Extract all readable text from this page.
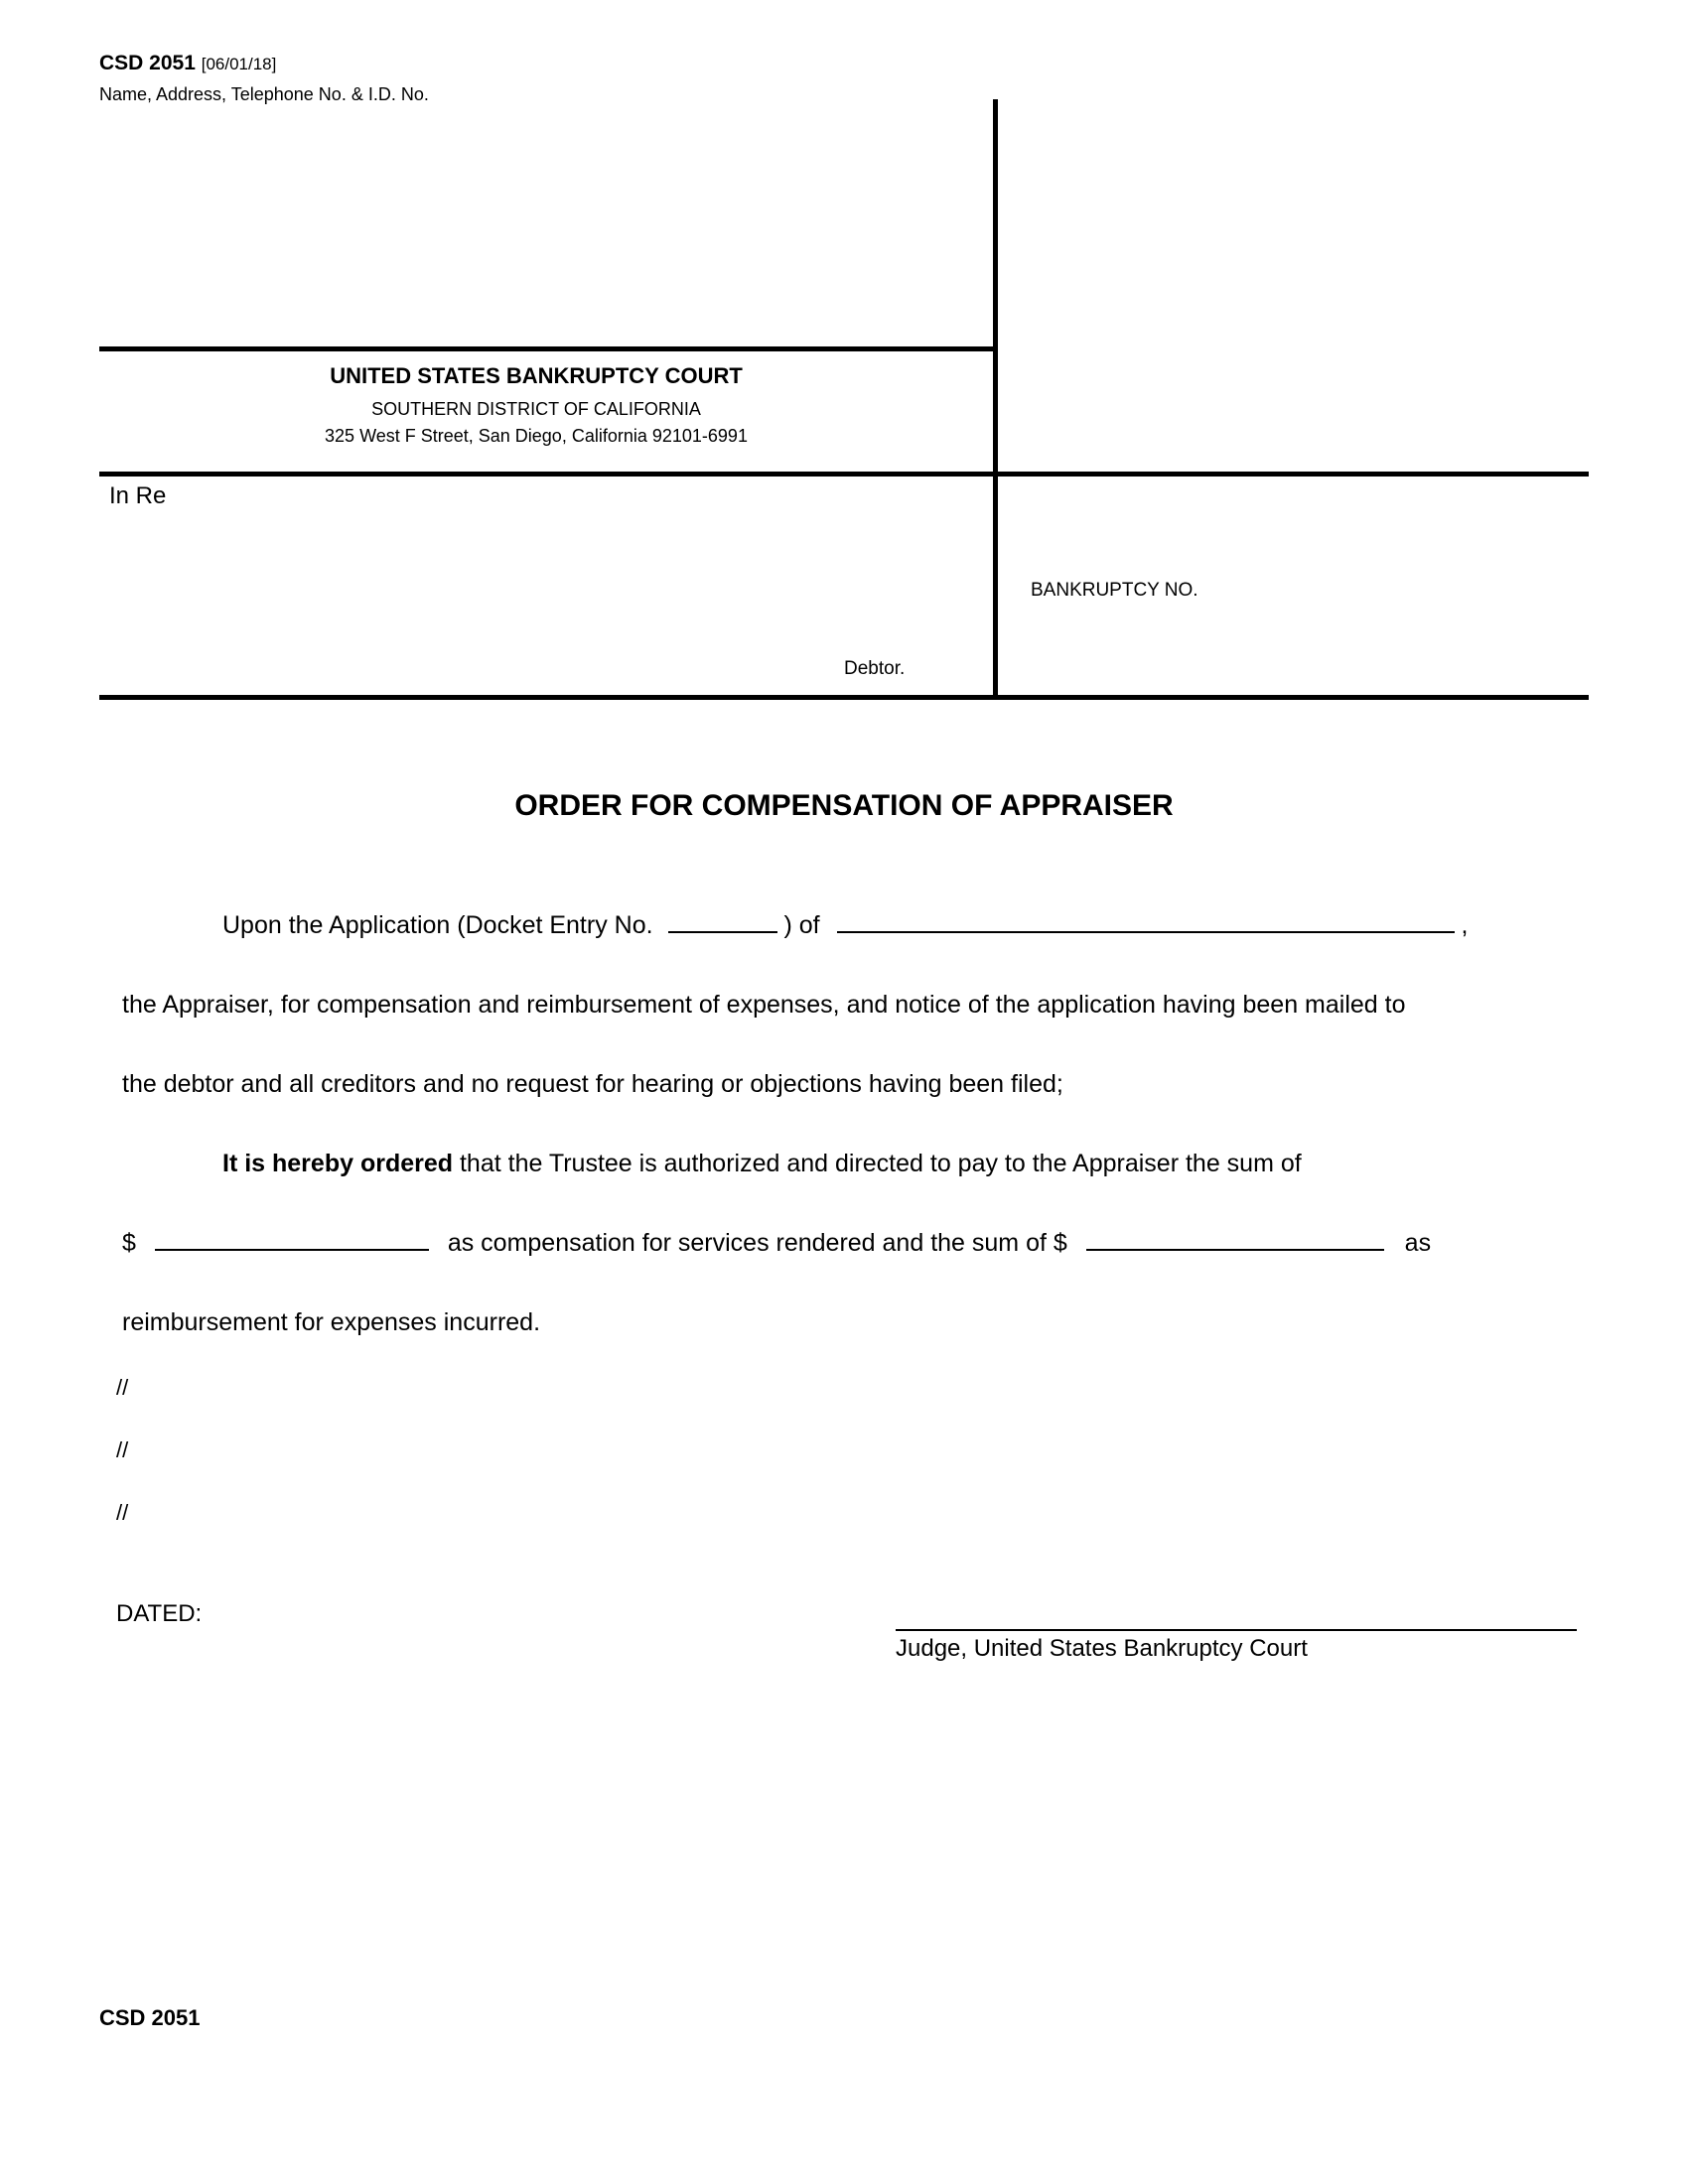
CSD 2051 [06/01/18]
Name, Address, Telephone No. & I.D. No.
UNITED STATES BANKRUPTCY COURT
SOUTHERN DISTRICT OF CALIFORNIA
325 West F Street, San Diego, California 92101-6991
In Re
Debtor.
BANKRUPTCY NO.
ORDER FOR COMPENSATION OF APPRAISER
Upon the Application (Docket Entry No.	) of	,
the Appraiser, for compensation and reimbursement of expenses, and notice of the application having been mailed to
the debtor and all creditors and no request for hearing or objections having been filed;
It is hereby ordered that the Trustee is authorized and directed to pay to the Appraiser the sum of
$	as compensation for services rendered and the sum of $	as
reimbursement for expenses incurred.
//
//
//
DATED:
Judge, United States Bankruptcy Court
CSD 2051
